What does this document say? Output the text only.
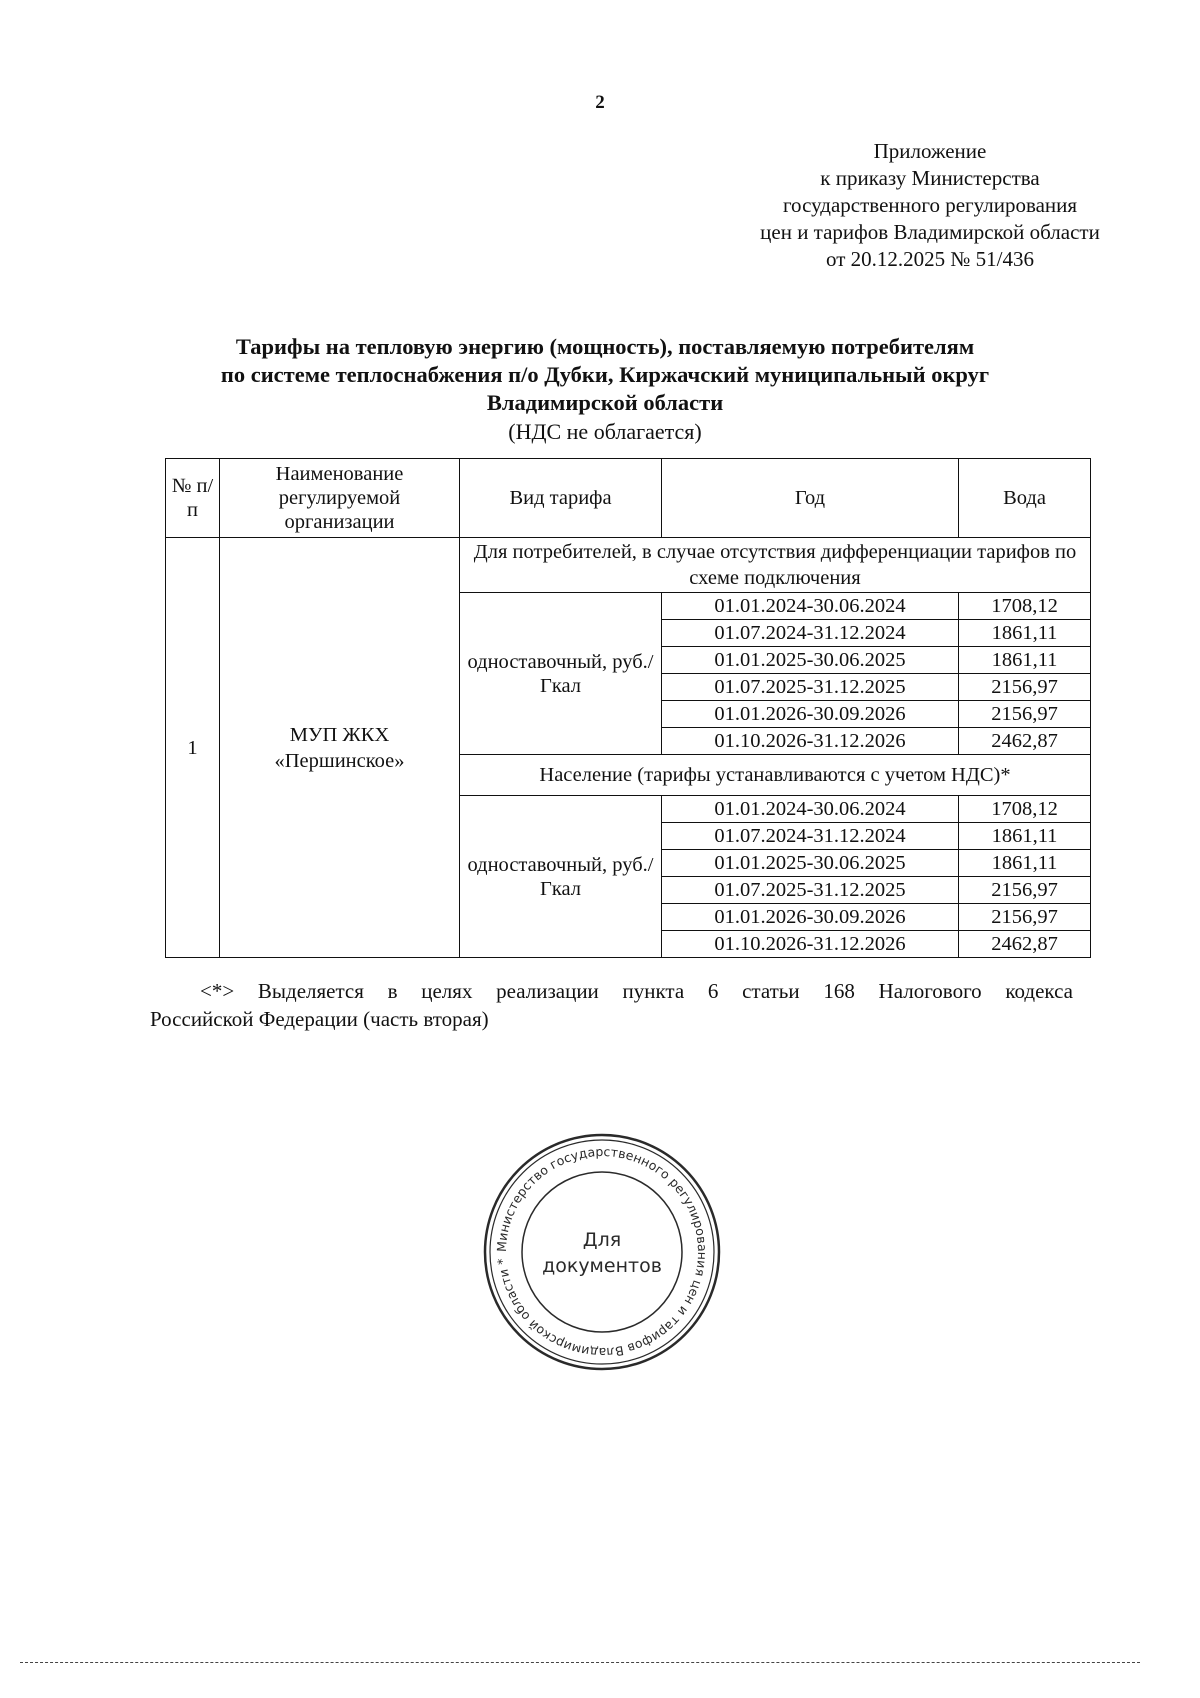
2
Приложение
к приказу Министерства
государственного регулирования
цен и тарифов Владимирской области
от 20.12.2025 № 51/436
Тарифы на тепловую энергию (мощность), поставляемую потребителям
по системе теплоснабжения п/о Дубки, Киржачский муниципальный округ
Владимирской области
(НДС не облагается)
№ п/п	Наименование регулируемой организации	Вид тарифа	Год	Вода
1	МУП ЖКХ «Першинское»	Для потребителей, в случае отсутствия дифференциации тарифов по схеме подключения		
		одноставочный, руб./Гкал	01.01.2024-30.06.2024	1708,12
			01.07.2024-31.12.2024	1861,11
			01.01.2025-30.06.2025	1861,11
			01.07.2025-31.12.2025	2156,97
			01.01.2026-30.09.2026	2156,97
			01.10.2026-31.12.2026	2462,87
		Население (тарифы устанавливаются с учетом НДС)*		
		одноставочный, руб./Гкал	01.01.2024-30.06.2024	1708,12
			01.07.2024-31.12.2024	1861,11
			01.01.2025-30.06.2025	1861,11
			01.07.2025-31.12.2025	2156,97
			01.01.2026-30.09.2026	2156,97
			01.10.2026-31.12.2026	2462,87
<*> Выделяется в целях реализации пункта 6 статьи 168 Налогового кодекса
Российской Федерации (часть вторая)
Министерство государственного регулирования цен и тарифов Владимирской области *
Для
документов
